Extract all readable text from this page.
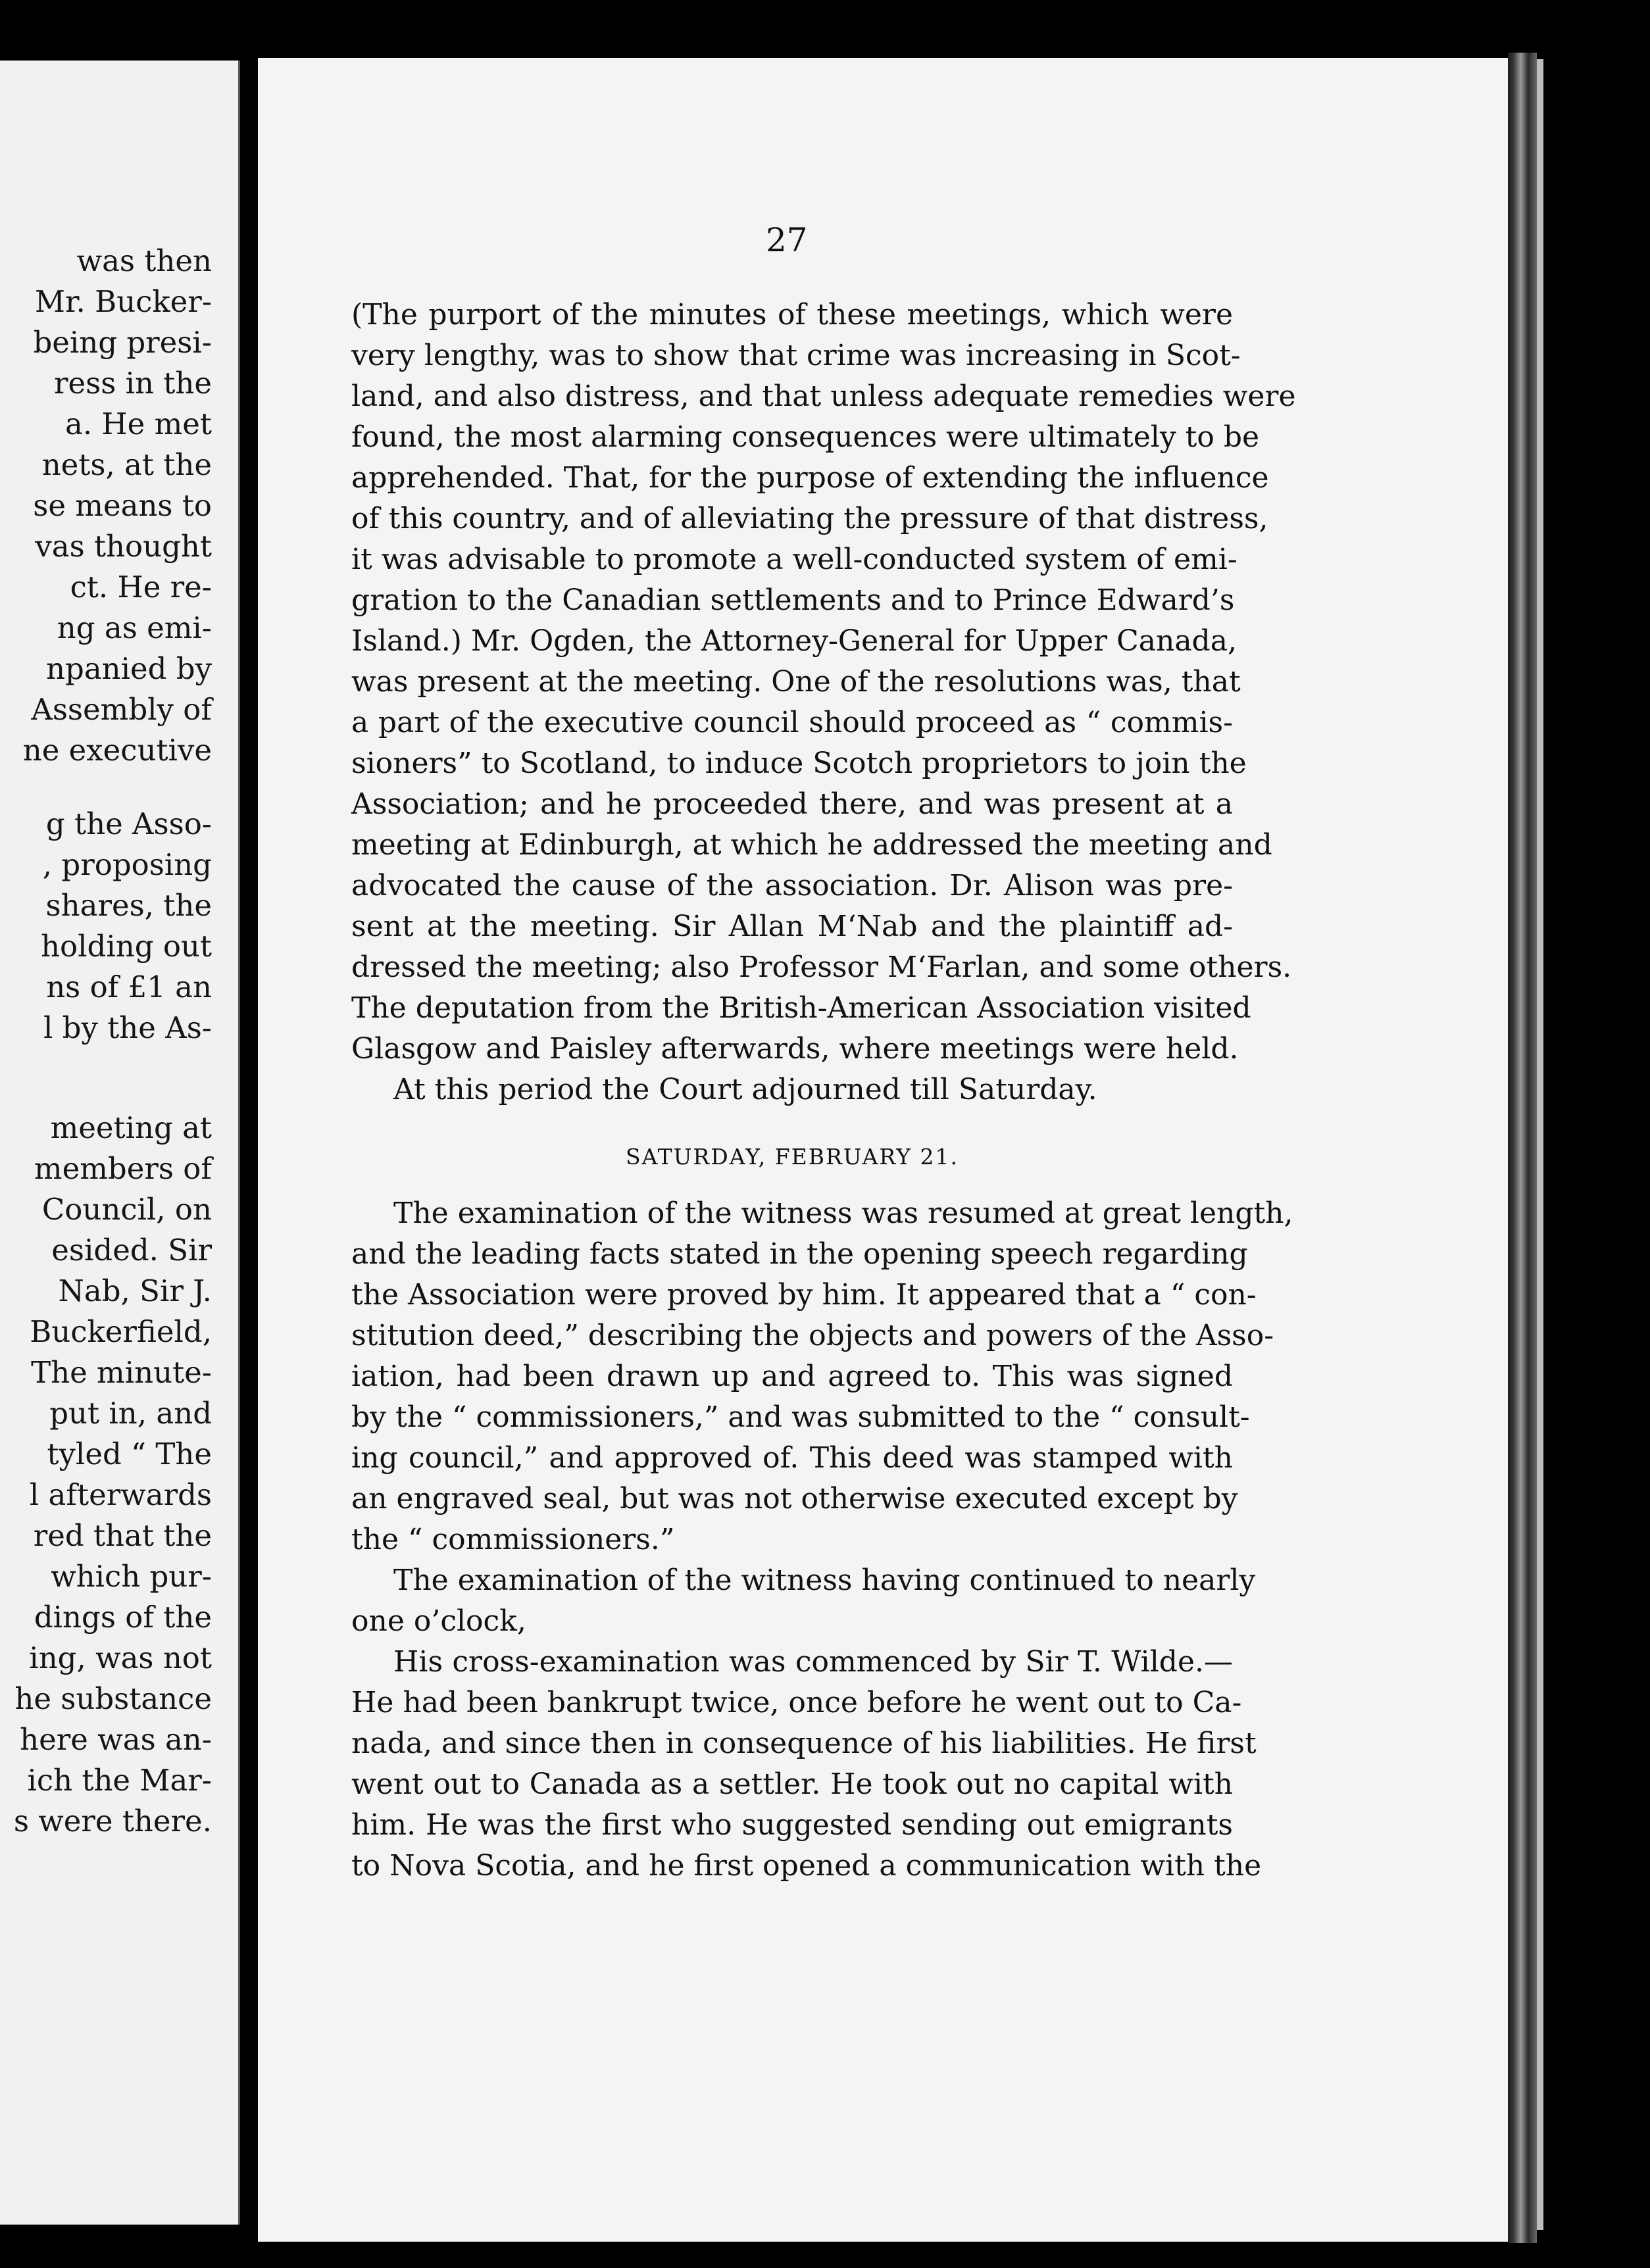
was then
Mr. Bucker-
being presi-
ress in the
a. He met
nets, at the
se means to
vas thought
ct. He re-
ng as emi-
npanied by
Assembly of
ne executive
g the Asso-
, proposing
shares, the
holding out
ns of £1 an
l by the As-
meeting at
members of
Council, on
esided. Sir
Nab, Sir J.
Buckerfield,
The minute-
put in, and
tyled “ The
l afterwards
red that the
which pur-
dings of the
ing, was not
he substance
here was an-
ich the Mar-
s were there.
27
(The purport of the minutes of these meetings, which were
very lengthy, was to show that crime was increasing in Scot-
land, and also distress, and that unless adequate remedies were
found, the most alarming consequences were ultimately to be
apprehended. That, for the purpose of extending the influence
of this country, and of alleviating the pressure of that distress,
it was advisable to promote a well-conducted system of emi-
gration to the Canadian settlements and to Prince Edward’s
Island.) Mr. Ogden, the Attorney-General for Upper Canada,
was present at the meeting. One of the resolutions was, that
a part of the executive council should proceed as “ commis-
sioners” to Scotland, to induce Scotch proprietors to join the
Association; and he proceeded there, and was present at a
meeting at Edinburgh, at which he addressed the meeting and
advocated the cause of the association. Dr. Alison was pre-
sent at the meeting. Sir Allan M‘Nab and the plaintiff ad-
dressed the meeting; also Professor M‘Farlan, and some others.
The deputation from the British-American Association visited
Glasgow and Paisley afterwards, where meetings were held.
At this period the Court adjourned till Saturday.
SATURDAY, FEBRUARY 21.
The examination of the witness was resumed at great length,
and the leading facts stated in the opening speech regarding
the Association were proved by him. It appeared that a “ con-
stitution deed,” describing the objects and powers of the Asso-
iation, had been drawn up and agreed to. This was signed
by the “ commissioners,” and was submitted to the “ consult-
ing council,” and approved of. This deed was stamped with
an engraved seal, but was not otherwise executed except by
the “ commissioners.”
The examination of the witness having continued to nearly
one o’clock,
His cross-examination was commenced by Sir T. Wilde.—
He had been bankrupt twice, once before he went out to Ca-
nada, and since then in consequence of his liabilities. He first
went out to Canada as a settler. He took out no capital with
him. He was the first who suggested sending out emigrants
to Nova Scotia, and he first opened a communication with the
